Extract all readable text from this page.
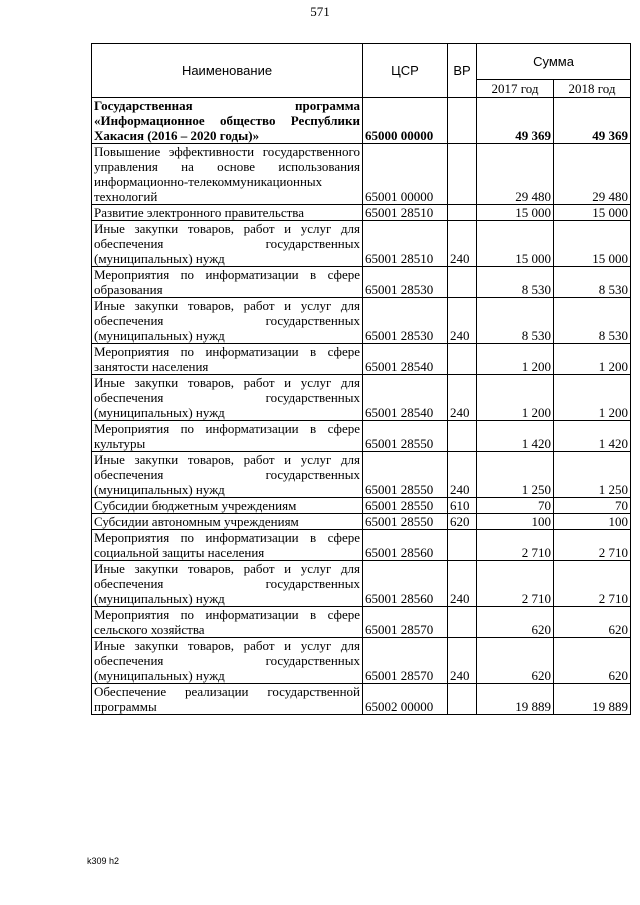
571
Наименование	ЦСР	ВР	Сумма	
			2017 год	2018 год
Государственная программа «Информационное общество Республики Хакасия (2016 – 2020 годы)»	65000 00000		49 369	49 369
Повышение эффективности государственного управления на основе использования информационно-телекоммуникационных технологий	65001 00000		29 480	29 480
Развитие электронного правительства	65001 28510		15 000	15 000
Иные закупки товаров, работ и услуг для обеспечения государственных (муниципальных) нужд	65001 28510	240	15 000	15 000
Мероприятия по информатизации в сфере образования	65001 28530		8 530	8 530
Иные закупки товаров, работ и услуг для обеспечения государственных (муниципальных) нужд	65001 28530	240	8 530	8 530
Мероприятия по информатизации в сфере занятости населения	65001 28540		1 200	1 200
Иные закупки товаров, работ и услуг для обеспечения государственных (муниципальных) нужд	65001 28540	240	1 200	1 200
Мероприятия по информатизации в сфере культуры	65001 28550		1 420	1 420
Иные закупки товаров, работ и услуг для обеспечения государственных (муниципальных) нужд	65001 28550	240	1 250	1 250
Субсидии бюджетным учреждениям	65001 28550	610	70	70
Субсидии автономным учреждениям	65001 28550	620	100	100
Мероприятия по информатизации в сфере социальной защиты населения	65001 28560		2 710	2 710
Иные закупки товаров, работ и услуг для обеспечения государственных (муниципальных) нужд	65001 28560	240	2 710	2 710
Мероприятия по информатизации в сфере сельского хозяйства	65001 28570		620	620
Иные закупки товаров, работ и услуг для обеспечения государственных (муниципальных) нужд	65001 28570	240	620	620
Обеспечение реализации государственной программы	65002 00000		19 889	19 889
k309 h2
